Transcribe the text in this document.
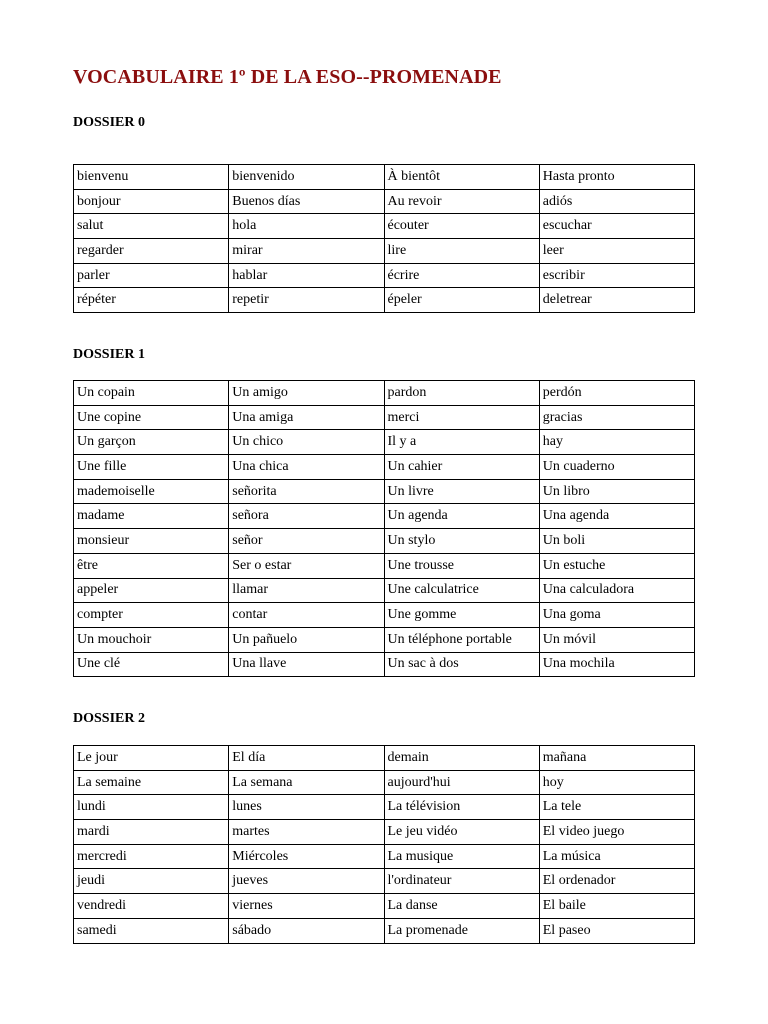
VOCABULAIRE 1º DE LA ESO--PROMENADE
DOSSIER 0
bienvenu	bienvenido	À bientôt	Hasta pronto
bonjour	Buenos días	Au revoir	adiós
salut	hola	écouter	escuchar
regarder	mirar	lire	leer
parler	hablar	écrire	escribir
répéter	repetir	épeler	deletrear
DOSSIER 1
Un copain	Un amigo	pardon	perdón
Une copine	Una amiga	merci	gracias
Un garçon	Un chico	Il y a	hay
Une fille	Una chica	Un cahier	Un cuaderno
mademoiselle	señorita	Un livre	Un libro
madame	señora	Un agenda	Una agenda
monsieur	señor	Un stylo	Un boli
être	Ser o estar	Une trousse	Un estuche
appeler	llamar	Une calculatrice	Una calculadora
compter	contar	Une gomme	Una goma
Un mouchoir	Un pañuelo	Un téléphone portable	Un móvil
Une clé	Una llave	Un sac à dos	Una mochila
DOSSIER 2
Le jour	El día	demain	mañana
La semaine	La semana	aujourd'hui	hoy
lundi	lunes	La télévision	La tele
mardi	martes	Le jeu vidéo	El video juego
mercredi	Miércoles	La musique	La música
jeudi	jueves	l'ordinateur	El ordenador
vendredi	viernes	La danse	El baile
samedi	sábado	La promenade	El paseo
